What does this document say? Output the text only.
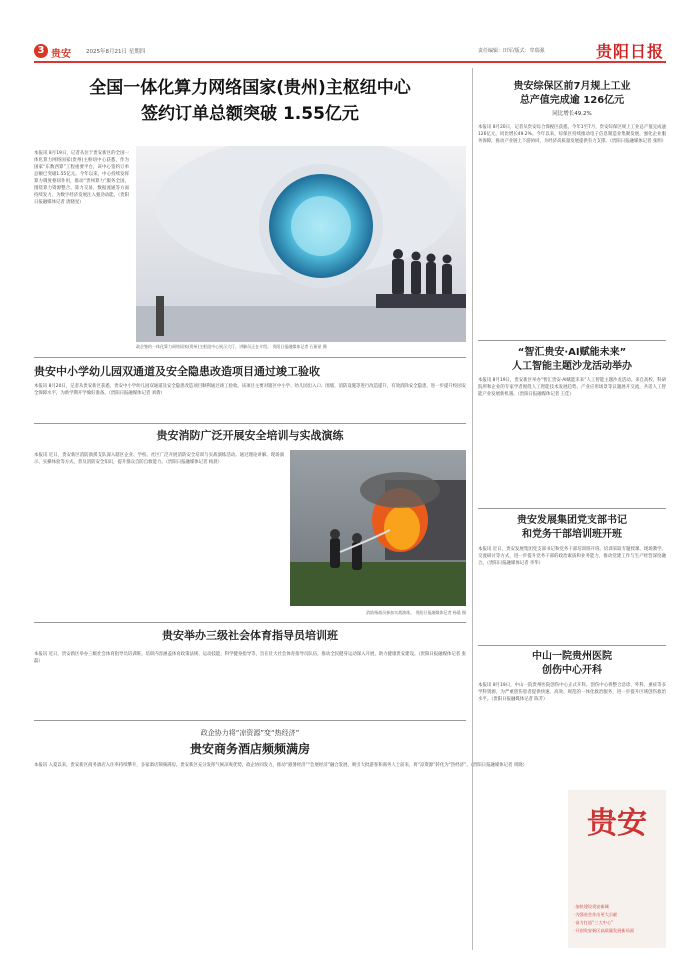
3 贵安	2025年8月21日 星期四	责任编辑：田军/版式：牟瑞强	贵阳日报
全国一体化算力网络国家(贵州)主枢纽中心
签约订单总额突破 1.55亿元
本报讯 8月19日，记者从位于贵安新区的全国一体化算力网络国家(贵州)主枢纽中心获悉，作为国家“东数西算”工程重要平台，该中心签约订单总额已突破1.55亿元。今年以来，中心持续发挥算力调度枢纽作用，推动“贵州算力”服务全国，围绕算力资源整合、算力交易、数据流通等方面持续发力，为数字经济发展注入强劲动能。（贵阳日报融媒体记者 唐晓星）
政企签约一体化算力网络国家(贵州)主枢纽中心展示大厅，讲解员正在介绍。 贵阳日报融媒体记者 石新星 摄
贵安综保区前7月规上工业
总产值完成逾 126亿元
同比增长49.2%
本报讯 8月20日，记者从贵安综合保税区获悉，今年1至7月，贵安综保区规上工业总产值完成逾126亿元，同比增长49.2%。今年以来，综保区持续推动电子信息制造业集聚发展，强化企业服务保障，推动产业链上下游协同，为经济高质量发展提供有力支撑。（贵阳日报融媒体记者 张明）
贵安中小学幼儿园双通道及安全隐患改造项目通过竣工验收
本报讯 8月20日，记者从贵安新区获悉，贵安中小学幼儿园双通道及安全隐患改造项目顺利通过竣工验收。该项目主要对辖区中小学、幼儿园出入口、围墙、消防设施等进行改造提升，有效消除安全隐患，进一步提升校园安全保障水平，为新学期开学做好准备。（贵阳日报融媒体记者 刘倩）
“智汇贵安·AI赋能未来”
人工智能主题沙龙活动举办
本报讯 8月19日，贵安新区举办“智汇贵安·AI赋能未来”人工智能主题沙龙活动。来自高校、科研院所和企业的专家学者围绕人工智能技术发展趋势、产业应用场景等议题展开交流，共话人工智能产业发展新机遇。（贵阳日报融媒体记者 王佳）
贵安消防广泛开展安全培训与实战演练
本报讯 近日，贵安新区消防救援支队深入辖区企业、学校、社区广泛开展消防安全培训与实战演练活动。通过理论讲解、现场演示、实操体验等方式，普及消防安全知识，提升群众自防自救能力。（贵阳日报融媒体记者 杨晨）
消防指战员参加实战演练。 贵阳日报融媒体记者 杨晨 摄
贵安发展集团党支部书记
和党务干部培训班开班
本报讯 近日，贵安发展集团党支部书记和党务干部培训班开班。培训采取专题授课、现场教学、交流研讨等方式，进一步提升党务干部的政治素质和业务能力，推动党建工作与生产经营深度融合。（贵阳日报融媒体记者 李华）
贵安举办三级社会体育指导员培训班
本报讯 近日，贵安新区举办三级社会体育指导员培训班。培训内容涵盖体育政策法规、运动技能、科学健身指导等，旨在壮大社会体育指导员队伍，推动全民健身运动深入开展，助力健康贵安建设。（贵阳日报融媒体记者 张磊）	中山一院贵州医院
创伤中心开科
本报讯 8月19日，中山一院贵州医院创伤中心正式开科。创伤中心将整合急诊、外科、重症等多学科资源，为严重创伤患者提供快速、高效、规范的一体化救治服务，进一步提升区域创伤救治水平。（贵阳日报融媒体记者 陈芳）
贵安
·加快建设贵安新城
·为强省会作出更大贡献
·奋力打造“三大中心”
·开创贵安新区高质量发展新局面
政企协力将“凉资源”变“热经济”
贵安商务酒店频频满房
本报讯 入夏以来，贵安新区商务酒店入住率持续攀升，多家酒店频频满房。贵安新区充分发挥气候凉爽优势，政企协同发力，推动“避暑经济”“会展经济”融合发展，吸引大批游客和商务人士前来，将“凉资源”转化为“热经济”。（贵阳日报融媒体记者 周晓）
